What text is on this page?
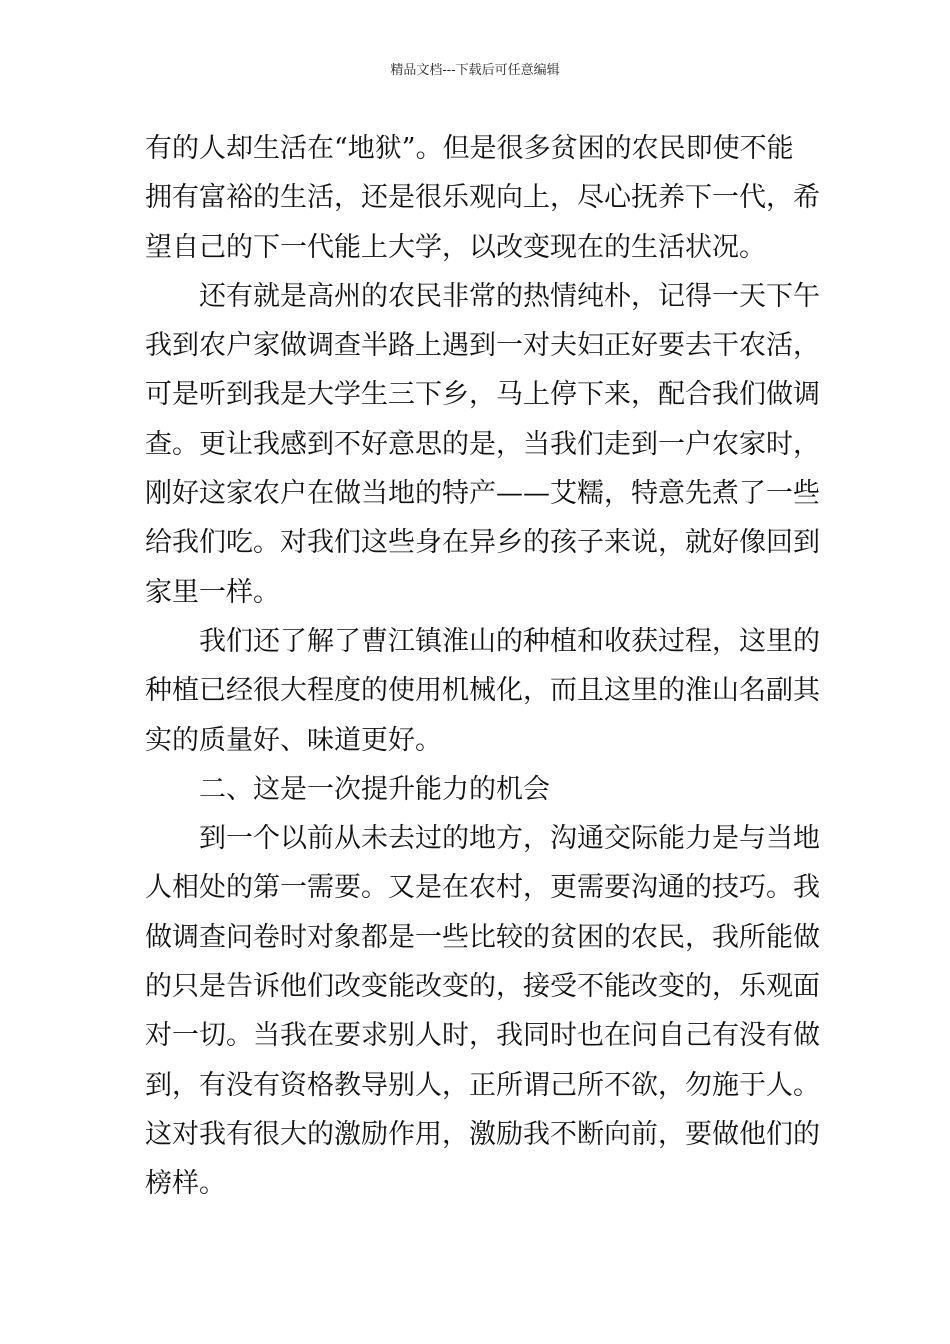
精品文档---下载后可任意编辑
有的人却生活在“地狱”。但是很多贫困的农民即使不能
拥有富裕的生活，还是很乐观向上，尽心抚养下一代，希
望自己的下一代能上大学，以改变现在的生活状况。
还有就是高州的农民非常的热情纯朴，记得一天下午
我到农户家做调查半路上遇到一对夫妇正好要去干农活，
可是听到我是大学生三下乡，马上停下来，配合我们做调
查。更让我感到不好意思的是，当我们走到一户农家时，
刚好这家农户在做当地的特产——艾糯，特意先煮了一些
给我们吃。对我们这些身在异乡的孩子来说，就好像回到
家里一样。
我们还了解了曹江镇淮山的种植和收获过程，这里的
种植已经很大程度的使用机械化，而且这里的淮山名副其
实的质量好、味道更好。
二、这是一次提升能力的机会
到一个以前从未去过的地方，沟通交际能力是与当地
人相处的第一需要。又是在农村，更需要沟通的技巧。我
做调查问卷时对象都是一些比较的贫困的农民，我所能做
的只是告诉他们改变能改变的，接受不能改变的，乐观面
对一切。当我在要求别人时，我同时也在问自己有没有做
到，有没有资格教导别人，正所谓己所不欲，勿施于人。
这对我有很大的激励作用，激励我不断向前，要做他们的
榜样。
